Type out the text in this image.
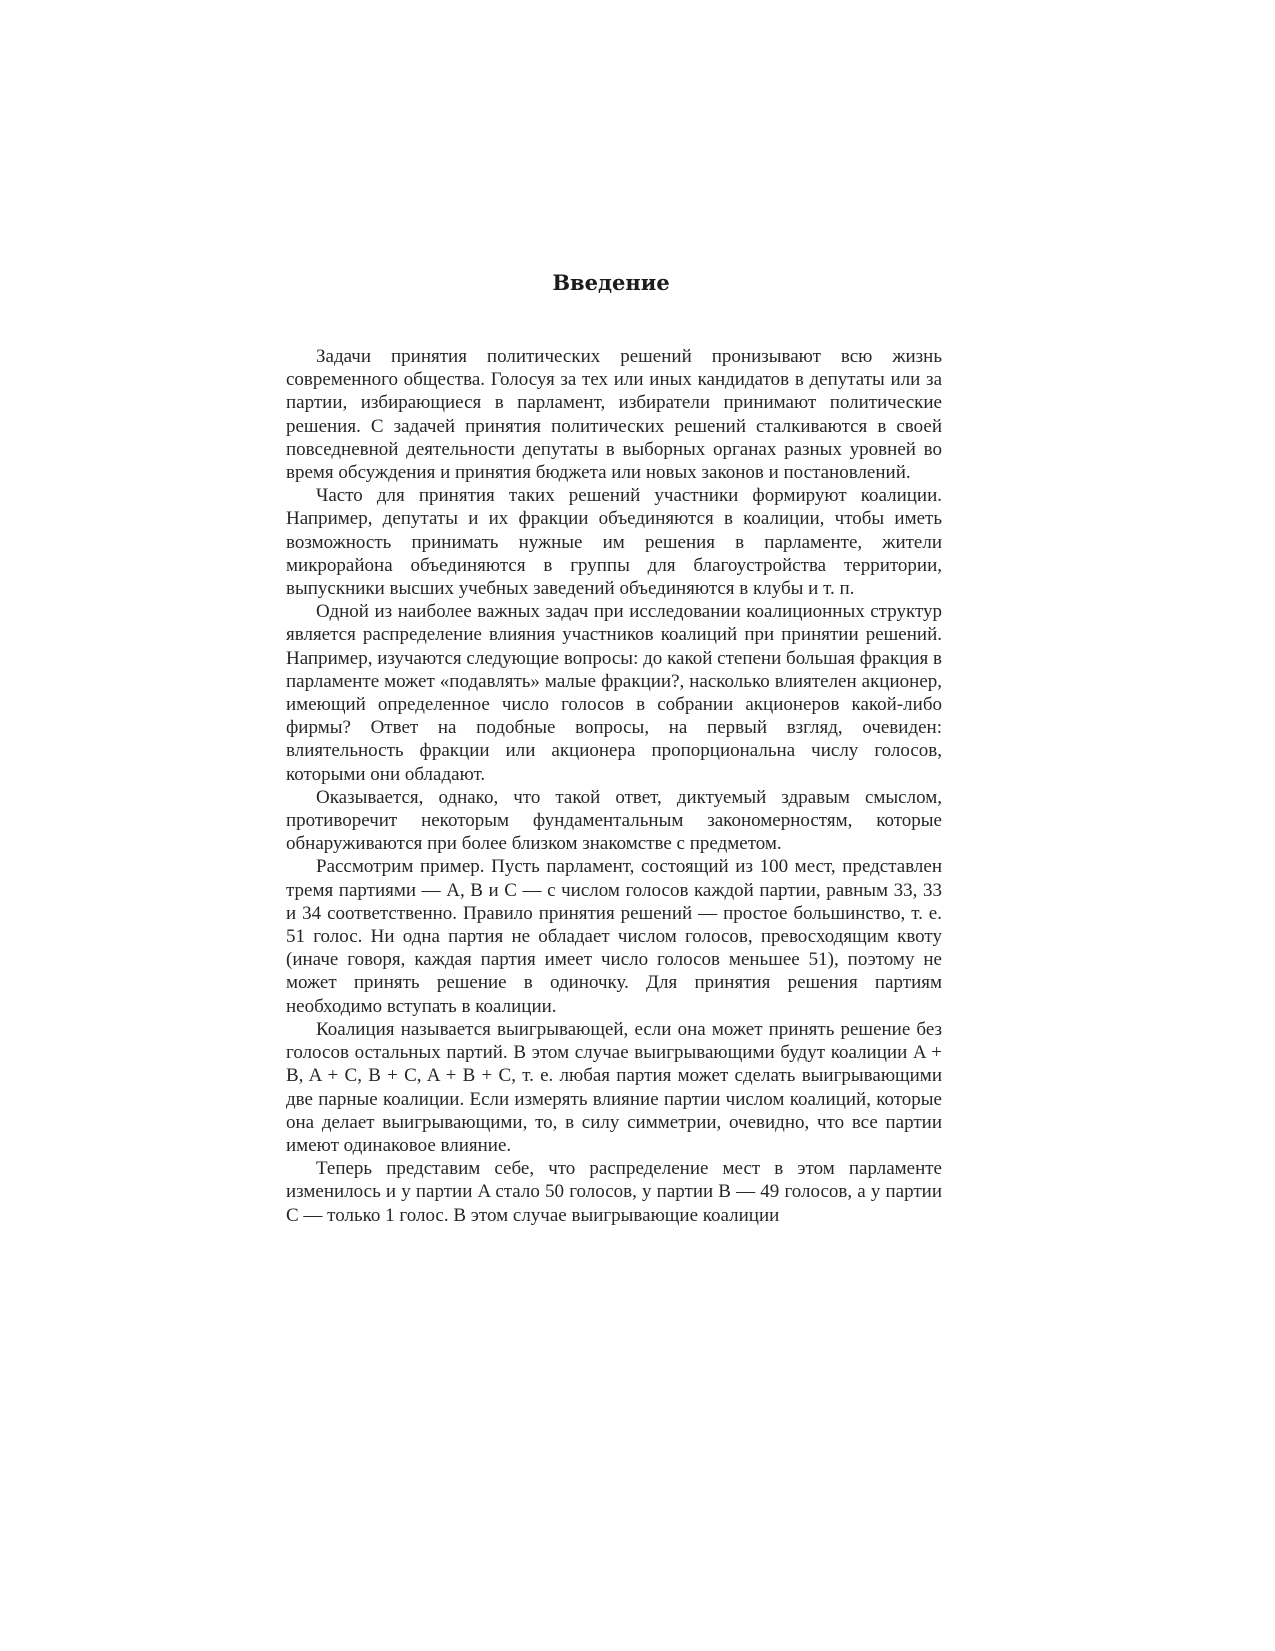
Введение

Задачи принятия политических решений пронизывают всю жизнь современного общества. Голосуя за тех или иных кандидатов в депутаты или за партии, избирающиеся в парламент, избиратели принимают политические решения. С задачей принятия политических решений сталкиваются в своей повседневной деятельности депутаты в выборных органах разных уровней во время обсуждения и принятия бюджета или новых законов и постановлений.

Часто для принятия таких решений участники формируют коалиции. Например, депутаты и их фракции объединяются в коалиции, чтобы иметь возможность принимать нужные им решения в парламенте, жители микрорайона объединяются в группы для благоустройства территории, выпускники высших учебных заведений объединяются в клубы и т. п.

Одной из наиболее важных задач при исследовании коалиционных структур является распределение влияния участников коалиций при принятии решений. Например, изучаются следующие вопросы: до какой степени большая фракция в парламенте может «подавлять» малые фракции?, насколько влиятелен акционер, имеющий определенное число голосов в собрании акционеров какой-либо фирмы? Ответ на подобные вопросы, на первый взгляд, очевиден: влиятельность фракции или акционера пропорциональна числу голосов, которыми они обладают.

Оказывается, однако, что такой ответ, диктуемый здравым смыслом, противоречит некоторым фундаментальным закономерностям, которые обнаруживаются при более близком знакомстве с предметом.

Рассмотрим пример. Пусть парламент, состоящий из 100 мест, представлен тремя партиями — A, B и C — с числом голосов каждой партии, равным 33, 33 и 34 соответственно. Правило принятия решений — простое большинство, т. е. 51 голос. Ни одна партия не обладает числом голосов, превосходящим квоту (иначе говоря, каждая партия имеет число голосов меньшее 51), поэтому не может принять решение в одиночку. Для принятия решения партиям необходимо вступать в коалиции.

Коалиция называется выигрывающей, если она может принять решение без голосов остальных партий. В этом случае выигрывающими будут коалиции A + B, A + C, B + C, A + B + C, т. е. любая партия может сделать выигрывающими две парные коалиции. Если измерять влияние партии числом коалиций, которые она делает выигрывающими, то, в силу симметрии, очевидно, что все партии имеют одинаковое влияние.

Теперь представим себе, что распределение мест в этом парламенте изменилось и у партии A стало 50 голосов, у партии B — 49 голосов, а у партии C — только 1 голос. В этом случае выигрывающие коалиции
